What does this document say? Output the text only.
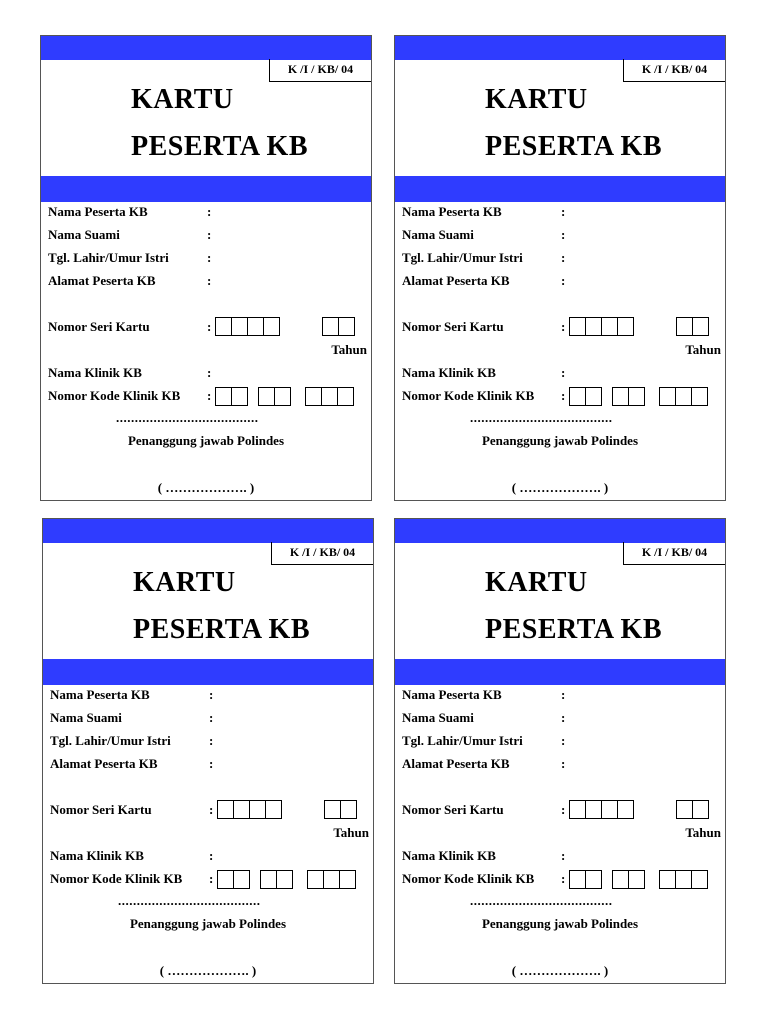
K /I / KB/ 04
KARTU
PESERTA KB
Nama Peserta KB	:
Nama Suami	:
Tgl. Lahir/Umur Istri	:
Alamat Peserta KB	:
Nomor Seri Kartu	:
Tahun
Nama Klinik KB	:
Nomor Kode Klinik KB :
......................................
Penanggung jawab Polindes
( ………………. )
K /I / KB/ 04
KARTU
PESERTA KB
Nama Peserta KB	:
Nama Suami	:
Tgl. Lahir/Umur Istri	:
Alamat Peserta KB	:
Nomor Seri Kartu	:
Tahun
Nama Klinik KB	:
Nomor Kode Klinik KB :
......................................
Penanggung jawab Polindes
( ………………. )
K /I / KB/ 04
KARTU
PESERTA KB
Nama Peserta KB	:
Nama Suami	:
Tgl. Lahir/Umur Istri	:
Alamat Peserta KB	:
Nomor Seri Kartu	:
Tahun
Nama Klinik KB	:
Nomor Kode Klinik KB :
......................................
Penanggung jawab Polindes
( ………………. )
K /I / KB/ 04
KARTU
PESERTA KB
Nama Peserta KB	:
Nama Suami	:
Tgl. Lahir/Umur Istri	:
Alamat Peserta KB	:
Nomor Seri Kartu	:
Tahun
Nama Klinik KB	:
Nomor Kode Klinik KB :
......................................
Penanggung jawab Polindes
( ………………. )
